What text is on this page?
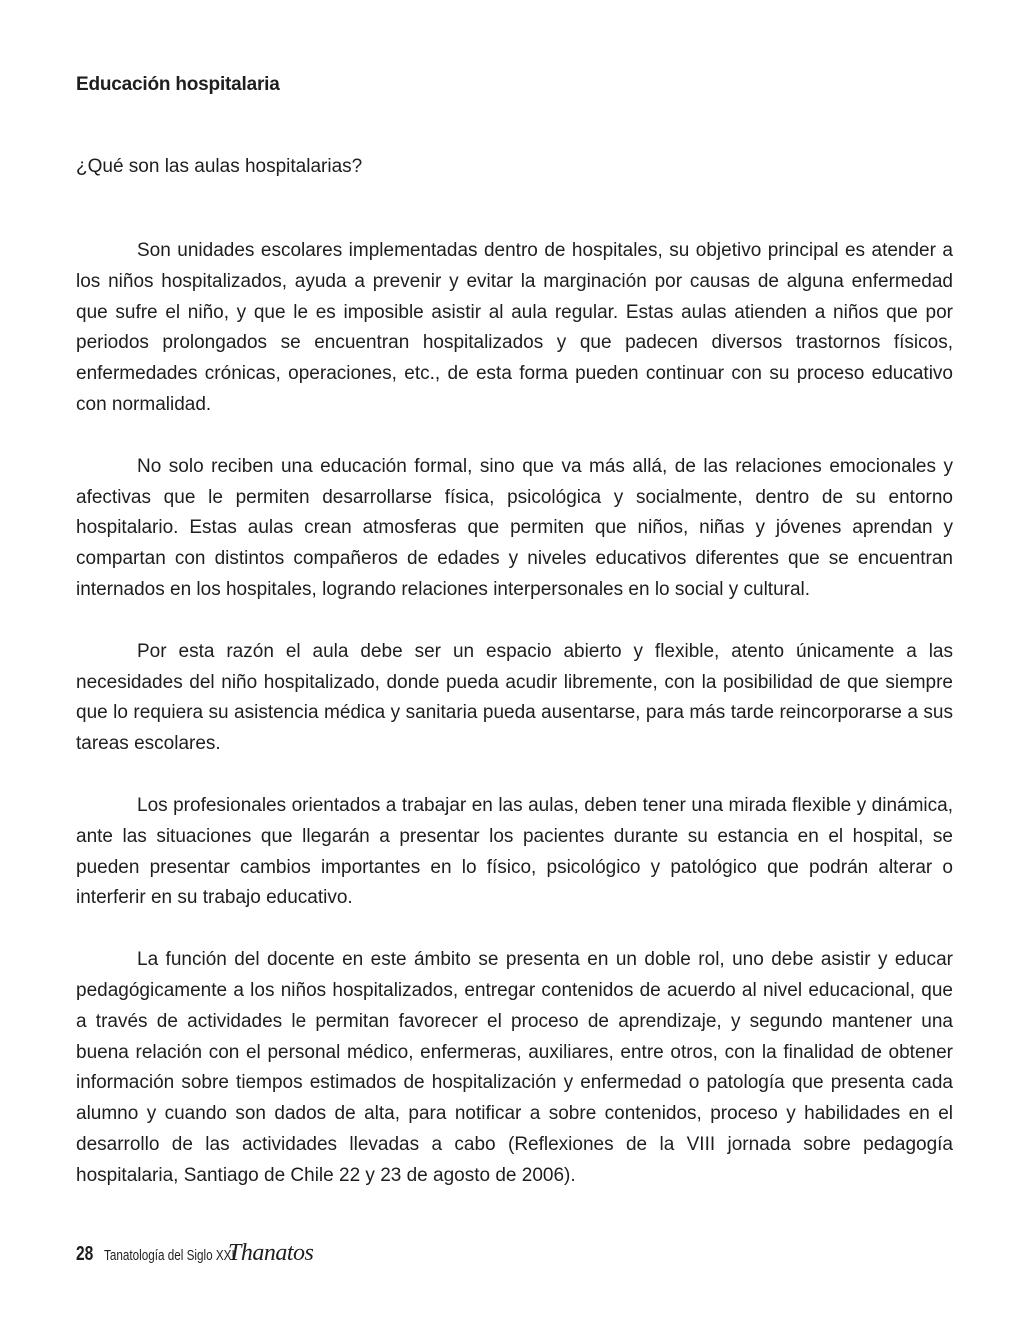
Educación hospitalaria

¿Qué son las aulas hospitalarias?

Son unidades escolares implementadas dentro de hospitales, su objetivo principal es atender a los niños hospitalizados, ayuda a prevenir y evitar la marginación por causas de alguna enfermedad que sufre el niño, y que le es imposible asistir al aula regular. Estas aulas atienden a niños que por periodos prolongados se encuentran hospitalizados y que padecen diversos trastornos físicos, enfermedades crónicas, operaciones, etc., de esta forma pueden continuar con su proceso educativo con normalidad.

No solo reciben una educación formal, sino que va más allá, de las relaciones emocionales y afectivas que le permiten desarrollarse física, psicológica y socialmente, dentro de su entorno hospitalario. Estas aulas crean atmosferas que permiten que niños, niñas y jóvenes aprendan y compartan con distintos compañeros de edades y niveles educativos diferentes que se encuentran internados en los hospitales, logrando relaciones interpersonales en lo social y cultural.

Por esta razón el aula debe ser un espacio abierto y flexible, atento únicamente a las necesidades del niño hospitalizado, donde pueda acudir libremente, con la posibilidad de que siempre que lo requiera su asistencia médica y sanitaria pueda ausentarse, para más tarde reincorporarse a sus tareas escolares.

Los profesionales orientados a trabajar en las aulas, deben tener una mirada flexible y dinámica, ante las situaciones que llegarán a presentar los pacientes durante su estancia en el hospital, se pueden presentar cambios importantes en lo físico, psicológico y patológico que podrán alterar o interferir en su trabajo educativo.

La función del docente en este ámbito se presenta en un doble rol, uno debe asistir y educar pedagógicamente a los niños hospitalizados, entregar contenidos de acuerdo al nivel educacional, que a través de actividades le permitan favorecer el proceso de aprendizaje, y segundo mantener una buena relación con el personal médico, enfermeras, auxiliares, entre otros, con la finalidad de obtener información sobre tiempos estimados de hospitalización y enfermedad o patología que presenta cada alumno y cuando son dados de alta, para notificar a sobre contenidos, proceso y habilidades en el desarrollo de las actividades llevadas a cabo (Reflexiones de la VIII jornada sobre pedagogía hospitalaria, Santiago de Chile 22 y 23 de agosto de 2006).

28 Tanatología del Siglo XXI
Thanatos
